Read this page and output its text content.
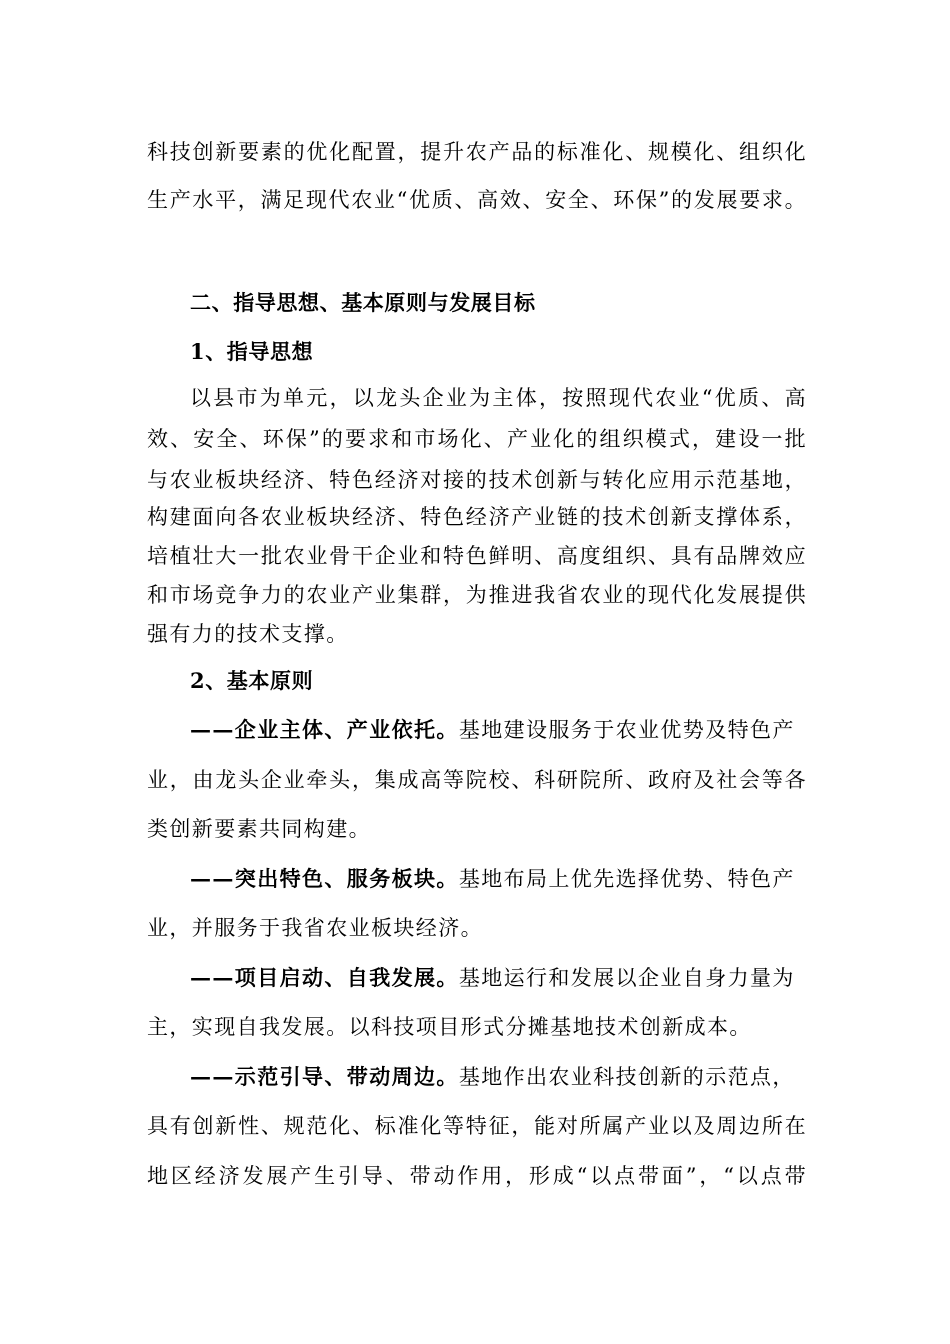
科技创新要素的优化配置，提升农产品的标准化、规模化、组织化
生产水平，满足现代农业“优质、高效、安全、环保”的发展要求。
二、指导思想、基本原则与发展目标
1、指导思想
以县市为单元，以龙头企业为主体，按照现代农业“优质、高
效、安全、环保”的要求和市场化、产业化的组织模式，建设一批
与农业板块经济、特色经济对接的技术创新与转化应用示范基地，
构建面向各农业板块经济、特色经济产业链的技术创新支撑体系，
培植壮大一批农业骨干企业和特色鲜明、高度组织、具有品牌效应
和市场竞争力的农业产业集群，为推进我省农业的现代化发展提供
强有力的技术支撑。
2、基本原则
——企业主体、产业依托。基地建设服务于农业优势及特色产
业，由龙头企业牵头，集成高等院校、科研院所、政府及社会等各
类创新要素共同构建。
——突出特色、服务板块。基地布局上优先选择优势、特色产
业，并服务于我省农业板块经济。
——项目启动、自我发展。基地运行和发展以企业自身力量为
主，实现自我发展。以科技项目形式分摊基地技术创新成本。
——示范引导、带动周边。基地作出农业科技创新的示范点，
具有创新性、规范化、标准化等特征，能对所属产业以及周边所在
地区经济发展产生引导、带动作用，形成“以点带面”，“以点带
